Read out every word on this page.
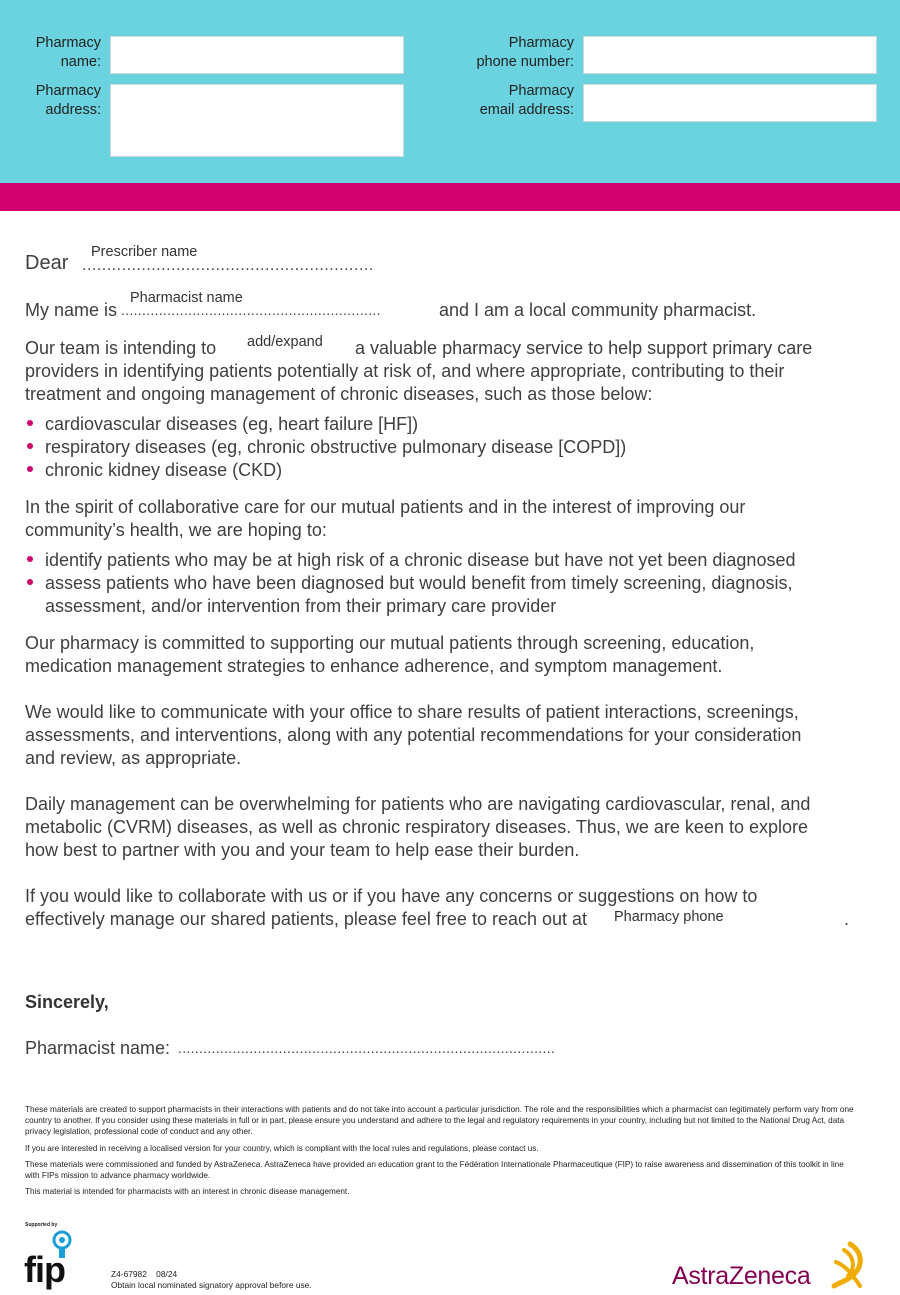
Pharmacy
name:
Pharmacy
address:
Pharmacy
phone number:
Pharmacy
email address:
Prescriber name
Dear ...........................................................
Pharmacist name
My name is ..............................................................	and I am a local community pharmacist.
Our team is intending to add/expand a valuable pharmacy service to help support primary care
providers in identifying patients potentially at risk of, and where appropriate, contributing to their
treatment and ongoing management of chronic diseases, such as those below:
cardiovascular diseases (eg, heart failure [HF])
respiratory diseases (eg, chronic obstructive pulmonary disease [COPD])
chronic kidney disease (CKD)
In the spirit of collaborative care for our mutual patients and in the interest of improving our
community’s health, we are hoping to:
identify patients who may be at high risk of a chronic disease but have not yet been diagnosed
assess patients who have been diagnosed but would benefit from timely screening, diagnosis,
assessment, and/or intervention from their primary care provider
Our pharmacy is committed to supporting our mutual patients through screening, education,
medication management strategies to enhance adherence, and symptom management.
We would like to communicate with your office to share results of patient interactions, screenings,
assessments, and interventions, along with any potential recommendations for your consideration
and review, as appropriate.
Daily management can be overwhelming for patients who are navigating cardiovascular, renal, and
metabolic (CVRM) diseases, as well as chronic respiratory diseases. Thus, we are keen to explore
how best to partner with you and your team to help ease their burden.
If you would like to collaborate with us or if you have any concerns or suggestions on how to
effectively manage our shared patients, please feel free to reach out at Pharmacy phone	.
Sincerely,
Pharmacist name: ..........................................................................................
These materials are created to support pharmacists in their interactions with patients and do not take into account a particular jurisdiction. The role and the responsibilities which a pharmacist can legitimately perform vary from one country to another. If you consider using these materials in full or in part, please ensure you understand and adhere to the legal and regulatory requirements in your country, including but not limited to the National Drug Act, data privacy legislation, professional code of conduct and any other.
If you are interested in receiving a localised version for your country, which is compliant with the local rules and regulations, please contact us.
These materials were commissioned and funded by AstraZeneca. AstraZeneca have provided an education grant to the Fédération Internationale Pharmaceutique (FIP) to raise awareness and dissemination of this toolkit in line with FIPs mission to advance pharmacy worldwide.
This material is intended for pharmacists with an interest in chronic disease management.
Supported by
fip	Z4-67982 08/24
Obtain local nominated signatory approval before use.	AstraZeneca
